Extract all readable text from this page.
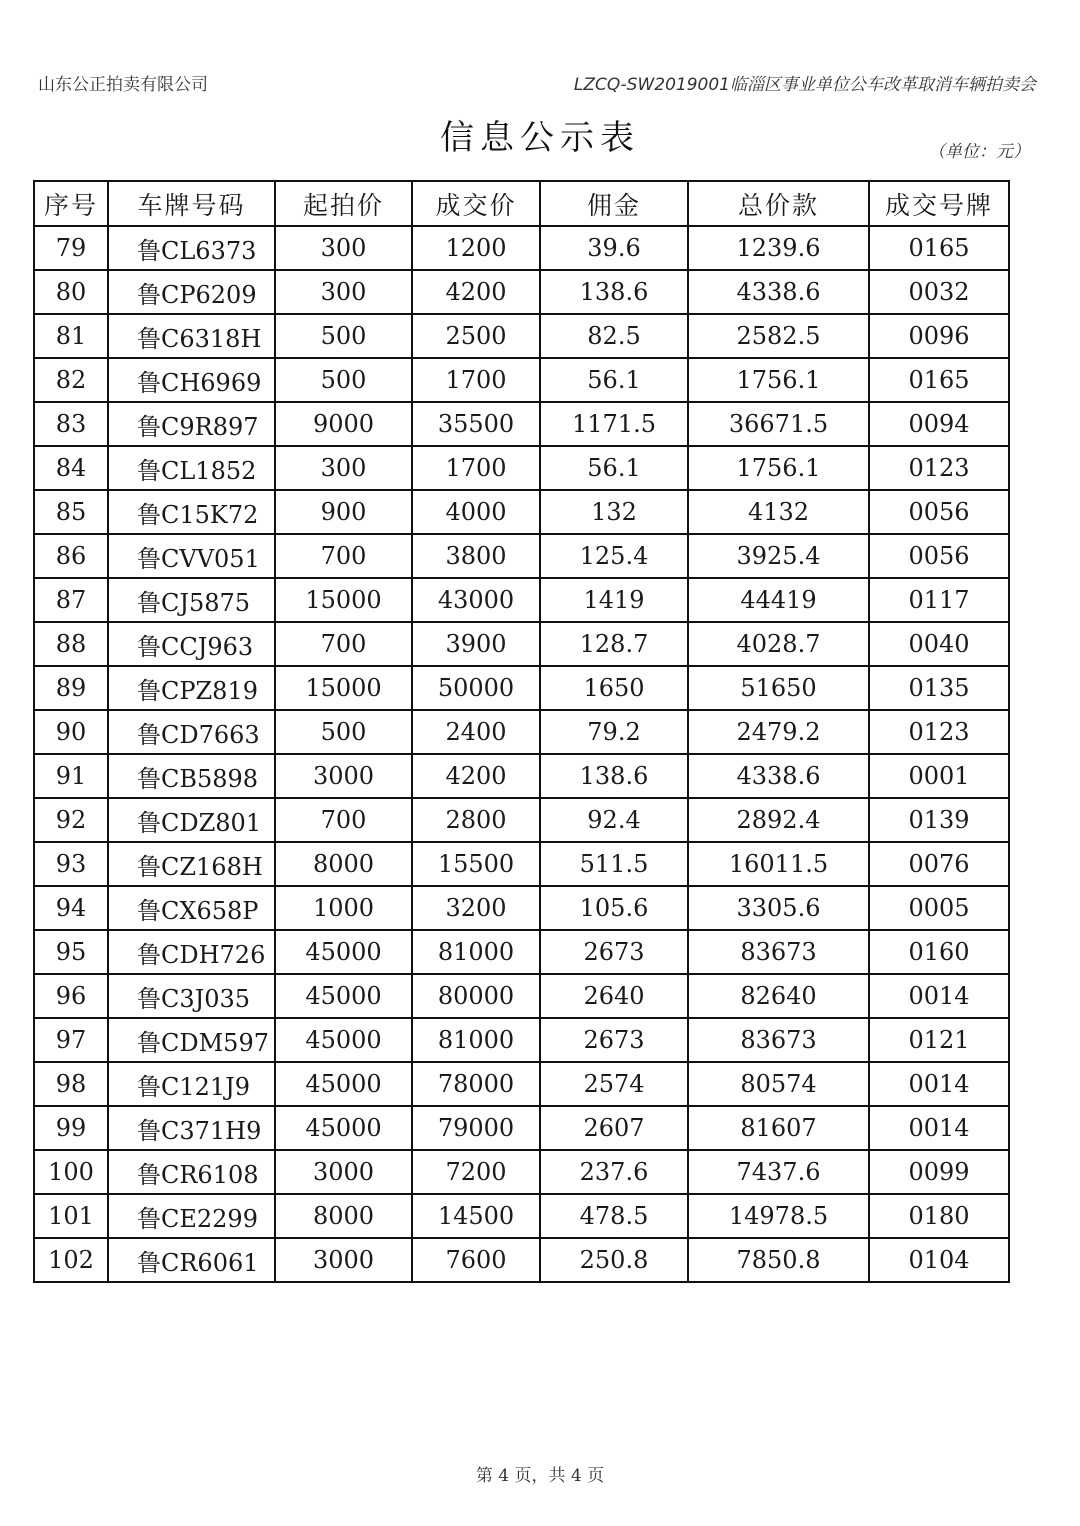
山东公正拍卖有限公司	LZCQ-SW2019001临淄区事业单位公车改革取消车辆拍卖会
信息公示表	（单位：元）
序号	车牌号码	起拍价	成交价	佣金	总价款	成交号牌
79	鲁CL6373	300	1200	39.6	1239.6	0165
80	鲁CP6209	300	4200	138.6	4338.6	0032
81	鲁C6318H	500	2500	82.5	2582.5	0096
82	鲁CH6969	500	1700	56.1	1756.1	0165
83	鲁C9R897	9000	35500	1171.5	36671.5	0094
84	鲁CL1852	300	1700	56.1	1756.1	0123
85	鲁C15K72	900	4000	132	4132	0056
86	鲁CVV051	700	3800	125.4	3925.4	0056
87	鲁CJ5875	15000	43000	1419	44419	0117
88	鲁CCJ963	700	3900	128.7	4028.7	0040
89	鲁CPZ819	15000	50000	1650	51650	0135
90	鲁CD7663	500	2400	79.2	2479.2	0123
91	鲁CB5898	3000	4200	138.6	4338.6	0001
92	鲁CDZ801	700	2800	92.4	2892.4	0139
93	鲁CZ168H	8000	15500	511.5	16011.5	0076
94	鲁CX658P	1000	3200	105.6	3305.6	0005
95	鲁CDH726	45000	81000	2673	83673	0160
96	鲁C3J035	45000	80000	2640	82640	0014
97	鲁CDM597	45000	81000	2673	83673	0121
98	鲁C121J9	45000	78000	2574	80574	0014
99	鲁C371H9	45000	79000	2607	81607	0014
100	鲁CR6108	3000	7200	237.6	7437.6	0099
101	鲁CE2299	8000	14500	478.5	14978.5	0180
102	鲁CR6061	3000	7600	250.8	7850.8	0104
第 4 页，共 4 页
